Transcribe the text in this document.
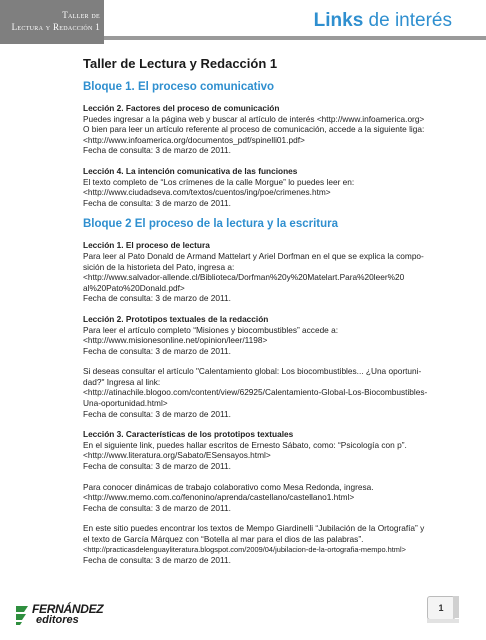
Taller de
Lectura y Redacción 1	Links de interés
Taller de Lectura y Redacción 1
Bloque 1. El proceso comunicativo
Lección 2. Factores del proceso de comunicación
Puedes ingresar a la página web y buscar al artículo de interés <http://www.infoamerica.org>
O bien para leer un artículo referente al proceso de comunicación, accede a la siguiente liga:
<http://www.infoamerica.org/documentos_pdf/spinelli01.pdf>
Fecha de consulta: 3 de marzo de 2011.
Lección 4. La intención comunicativa de las funciones
El texto completo de “Los crímenes de la calle Morgue” lo puedes leer en:
<http://www.ciudadseva.com/textos/cuentos/ing/poe/crimenes.htm>
Fecha de consulta: 3 de marzo de 2011.
Bloque 2 El proceso de la lectura y la escritura
Lección 1. El proceso de lectura
Para leer al Pato Donald de Armand Mattelart y Ariel Dorfman en el que se explica la compo-
sición de la historieta del Pato, ingresa a:
<http://www.salvador-allende.cl/Biblioteca/Dorfman%20y%20Matelart.Para%20leer%20
al%20Pato%20Donald.pdf>
Fecha de consulta: 3 de marzo de 2011.
Lección 2. Prototipos textuales de la redacción
Para leer el artículo completo “Misiones y biocombustibles” accede a:
<http://www.misionesonline.net/opinion/leer/1198>
Fecha de consulta: 3 de marzo de 2011.
Si deseas consultar el artículo "Calentamiento global: Los biocombustibles... ¿Una oportuni-
dad?" Ingresa al link:
<http://atinachile.blogoo.com/content/view/62925/Calentamiento-Global-Los-Biocombustibles-
Una-oportunidad.html>
Fecha de consulta: 3 de marzo de 2011.
Lección 3. Características de los prototipos textuales
En el siguiente link, puedes hallar escritos de Ernesto Sábato, como: “Psicología con p”.
<http://www.literatura.org/Sabato/ESensayos.html>
Fecha de consulta: 3 de marzo de 2011.
Para conocer dinámicas de trabajo colaborativo como Mesa Redonda, ingresa.
<http://www.memo.com.co/fenonino/aprenda/castellano/castellano1.html>
Fecha de consulta: 3 de marzo de 2011.
En este sitio puedes encontrar los textos de Mempo Giardinelli “Jubilación de la Ortografía” y
el texto de García Márquez con “Botella al mar para el dios de las palabras”.
<http://practicasdelenguayliteratura.blogspot.com/2009/04/jubilacion-de-la-ortografia-mempo.html>
Fecha de consulta: 3 de marzo de 2011.
FERNÁNDEZ
editores
1
